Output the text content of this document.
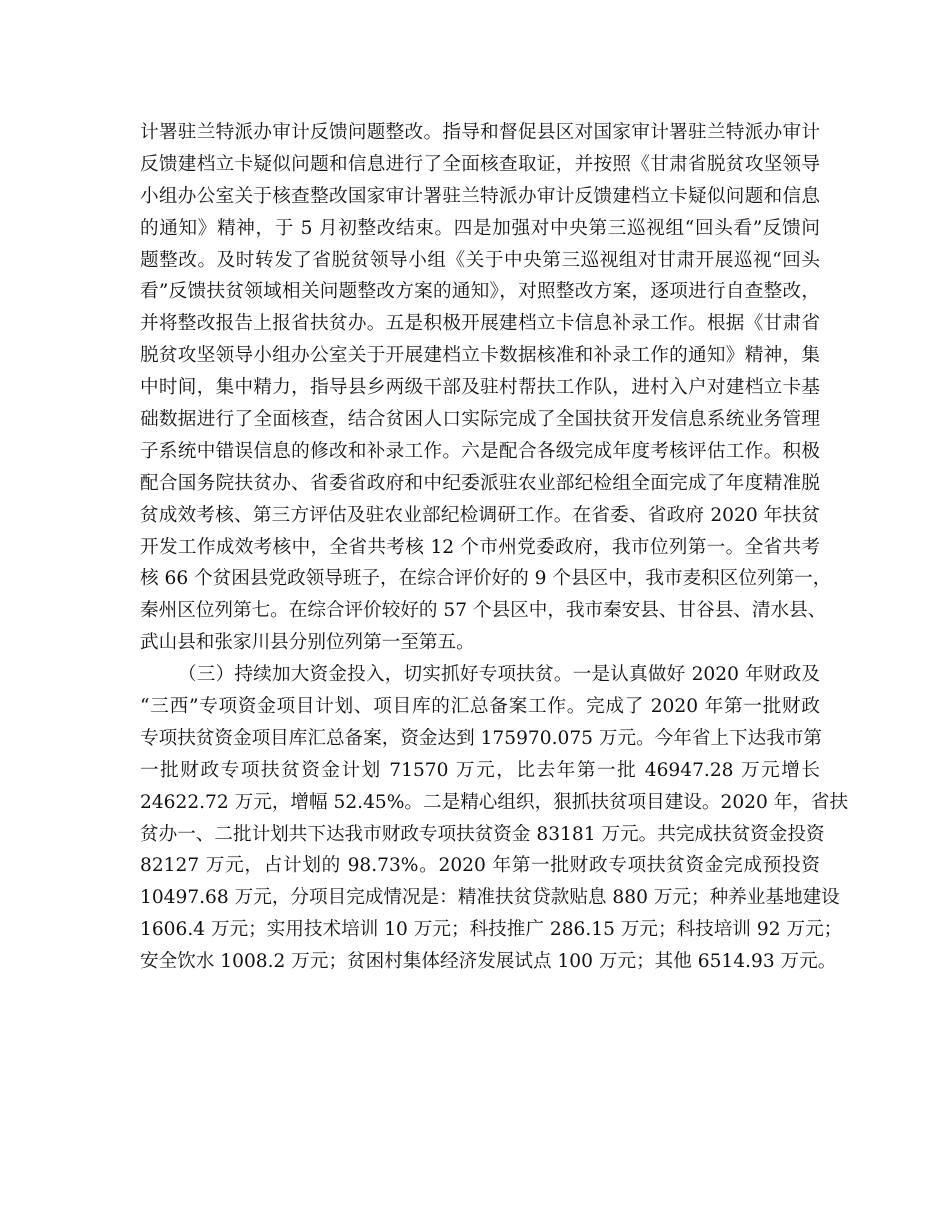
计署驻兰特派办审计反馈问题整改。指导和督促县区对国家审计署驻兰特派办审计
反馈建档立卡疑似问题和信息进行了全面核查取证，并按照《甘肃省脱贫攻坚领导
小组办公室关于核查整改国家审计署驻兰特派办审计反馈建档立卡疑似问题和信息
的通知》精神，于 5 月初整改结束。四是加强对中央第三巡视组“回头看”反馈问
题整改。及时转发了省脱贫领导小组《关于中央第三巡视组对甘肃开展巡视“回头
看”反馈扶贫领域相关问题整改方案的通知》，对照整改方案，逐项进行自查整改，
并将整改报告上报省扶贫办。五是积极开展建档立卡信息补录工作。根据《甘肃省
脱贫攻坚领导小组办公室关于开展建档立卡数据核准和补录工作的通知》精神，集
中时间，集中精力，指导县乡两级干部及驻村帮扶工作队，进村入户对建档立卡基
础数据进行了全面核查，结合贫困人口实际完成了全国扶贫开发信息系统业务管理
子系统中错误信息的修改和补录工作。六是配合各级完成年度考核评估工作。积极
配合国务院扶贫办、省委省政府和中纪委派驻农业部纪检组全面完成了年度精准脱
贫成效考核、第三方评估及驻农业部纪检调研工作。在省委、省政府 2020 年扶贫
开发工作成效考核中，全省共考核 12 个市州党委政府，我市位列第一。全省共考
核 66 个贫困县党政领导班子，在综合评价好的 9 个县区中，我市麦积区位列第一，
秦州区位列第七。在综合评价较好的 57 个县区中，我市秦安县、甘谷县、清水县、
武山县和张家川县分别位列第一至第五。
（三）持续加大资金投入，切实抓好专项扶贫。一是认真做好 2020 年财政及
“三西”专项资金项目计划、项目库的汇总备案工作。完成了 2020 年第一批财政
专项扶贫资金项目库汇总备案，资金达到 175970.075 万元。今年省上下达我市第
一批财政专项扶贫资金计划 71570 万元，比去年第一批 46947.28 万元增长
24622.72 万元，增幅 52.45%。二是精心组织，狠抓扶贫项目建设。2020 年，省扶
贫办一、二批计划共下达我市财政专项扶贫资金 83181 万元。共完成扶贫资金投资
82127 万元，占计划的 98.73%。2020 年第一批财政专项扶贫资金完成预投资
10497.68 万元，分项目完成情况是：精准扶贫贷款贴息 880 万元；种养业基地建设
1606.4 万元；实用技术培训 10 万元；科技推广 286.15 万元；科技培训 92 万元；
安全饮水 1008.2 万元；贫困村集体经济发展试点 100 万元；其他 6514.93 万元。
